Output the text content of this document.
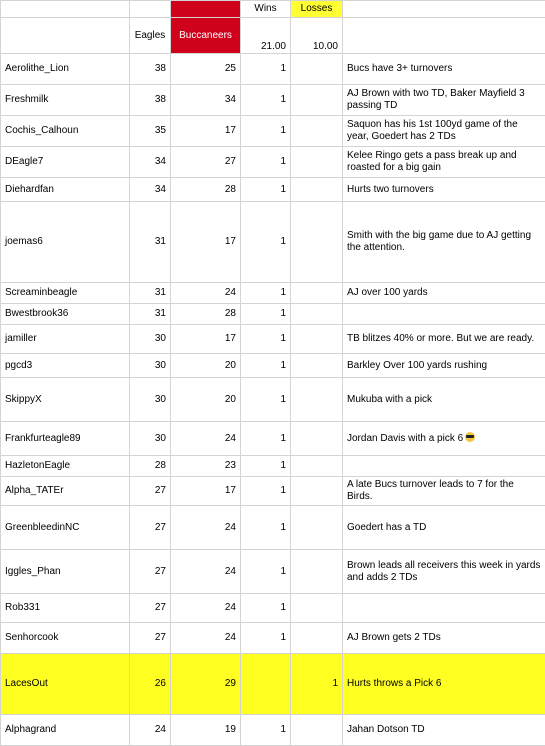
			Wins	Losses	
	Eagles	Buccaneers	21.00	10.00	
Aerolithe_Lion	38	25	1		Bucs have 3+ turnovers
Freshmilk	38	34	1		AJ Brown with two TD, Baker Mayfield 3 passing TD
Cochis_Calhoun	35	17	1		Saquon has his 1st 100yd game of the year, Goedert has 2 TDs
DEagle7	34	27	1		Kelee Ringo gets a pass break up and roasted for a big gain
Diehardfan	34	28	1		Hurts two turnovers
joemas6	31	17	1		Smith with the big game due to AJ getting the attention.
Screaminbeagle	31	24	1		AJ over 100 yards
Bwestbrook36	31	28	1		
jamiller	30	17	1		TB blitzes 40% or more. But we are ready.
pgcd3	30	20	1		Barkley Over 100 yards rushing
SkippyX	30	20	1		Mukuba with a pick
Frankfurteagle89	30	24	1		Jordan Davis with a pick 6
HazletonEagle	28	23	1		
Alpha_TATEr	27	17	1		A late Bucs turnover leads to 7 for the Birds.
GreenbleedinNC	27	24	1		Goedert has a TD
Iggles_Phan	27	24	1		Brown leads all receivers this week in yards and adds 2 TDs
Rob331	27	24	1		
Senhorcook	27	24	1		AJ Brown gets 2 TDs
LacesOut	26	29		1	Hurts throws a Pick 6
Alphagrand	24	19	1		Jahan Dotson TD
